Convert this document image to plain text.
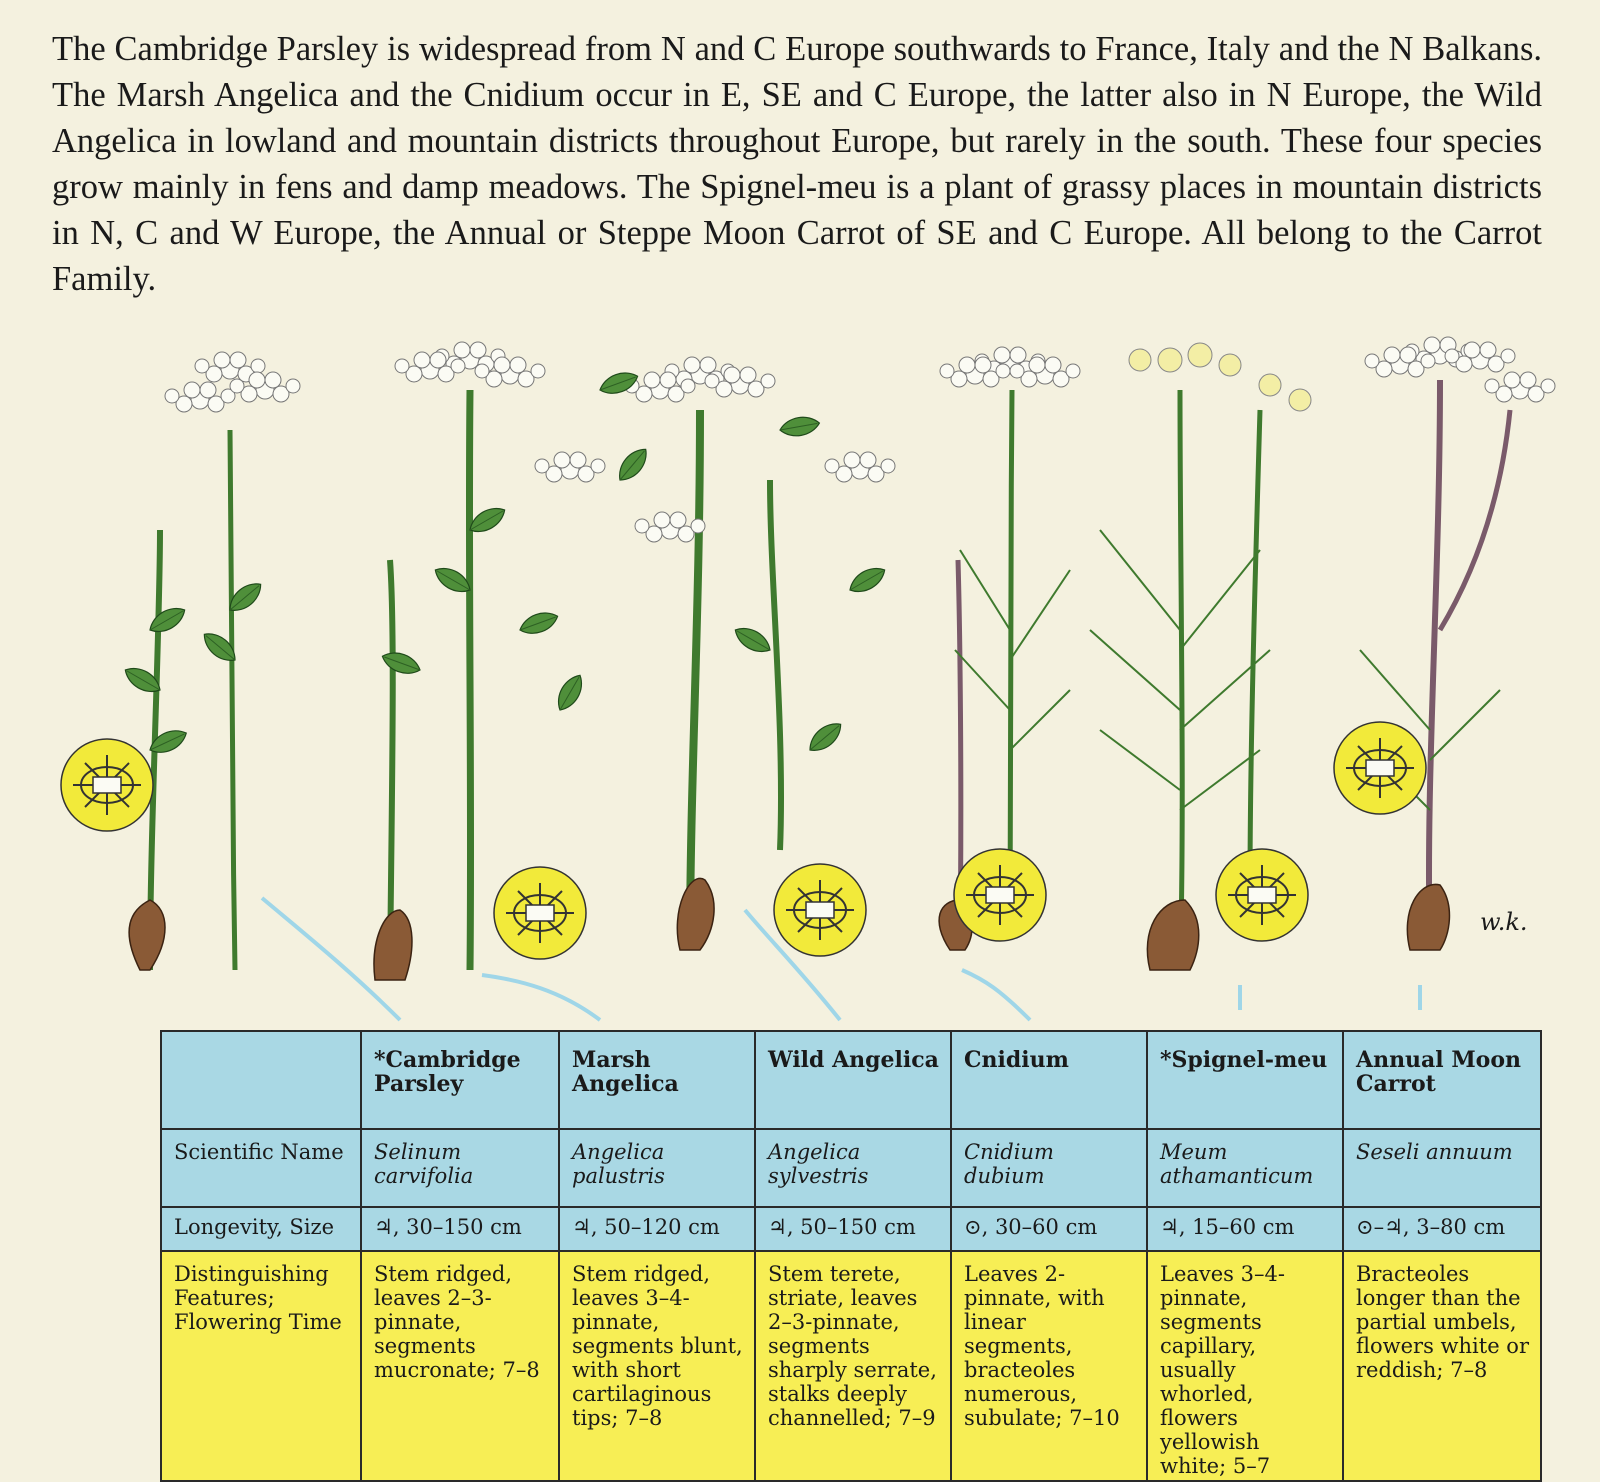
The Cambridge Parsley is widespread from N and C Europe southwards to France, Italy and the N Balkans. The Marsh Angelica and the Cnidium occur in E, SE and C Europe, the latter also in N Europe, the Wild Angelica in lowland and mountain districts throughout Europe, but rarely in the south. These four species grow mainly in fens and damp meadows. The Spignel-meu is a plant of grassy places in mountain districts in N, C and W Europe, the Annual or Steppe Moon Carrot of SE and C Europe. All belong to the Carrot Family.

w.k.
	*Cambridge Parsley	Marsh Angelica	Wild Angelica	Cnidium	*Spignel-meu	Annual Moon Carrot
Scientific Name	Selinum carvifolia	Angelica palustris	Angelica sylvestris	Cnidium dubium	Meum athamanticum	Seseli annuum
Longevity, Size	♃, 30–150 cm	♃, 50–120 cm	♃, 50–150 cm	⊙, 30–60 cm	♃, 15–60 cm	⊙–♃, 3–80 cm
Distinguishing Features; Flowering Time	Stem ridged, leaves 2–3-pinnate, segments mucronate; 7–8	Stem ridged, leaves 3–4-pinnate, segments blunt, with short cartilaginous tips; 7–8	Stem terete, striate, leaves 2–3-pinnate, segments sharply serrate, stalks deeply channelled; 7–9	Leaves 2-pinnate, with linear segments, bracteoles numerous, subulate; 7–10	Leaves 3–4-pinnate, segments capillary, usually whorled, flowers yellowish white; 5–7	Bracteoles longer than the partial umbels, flowers white or reddish; 7–8
